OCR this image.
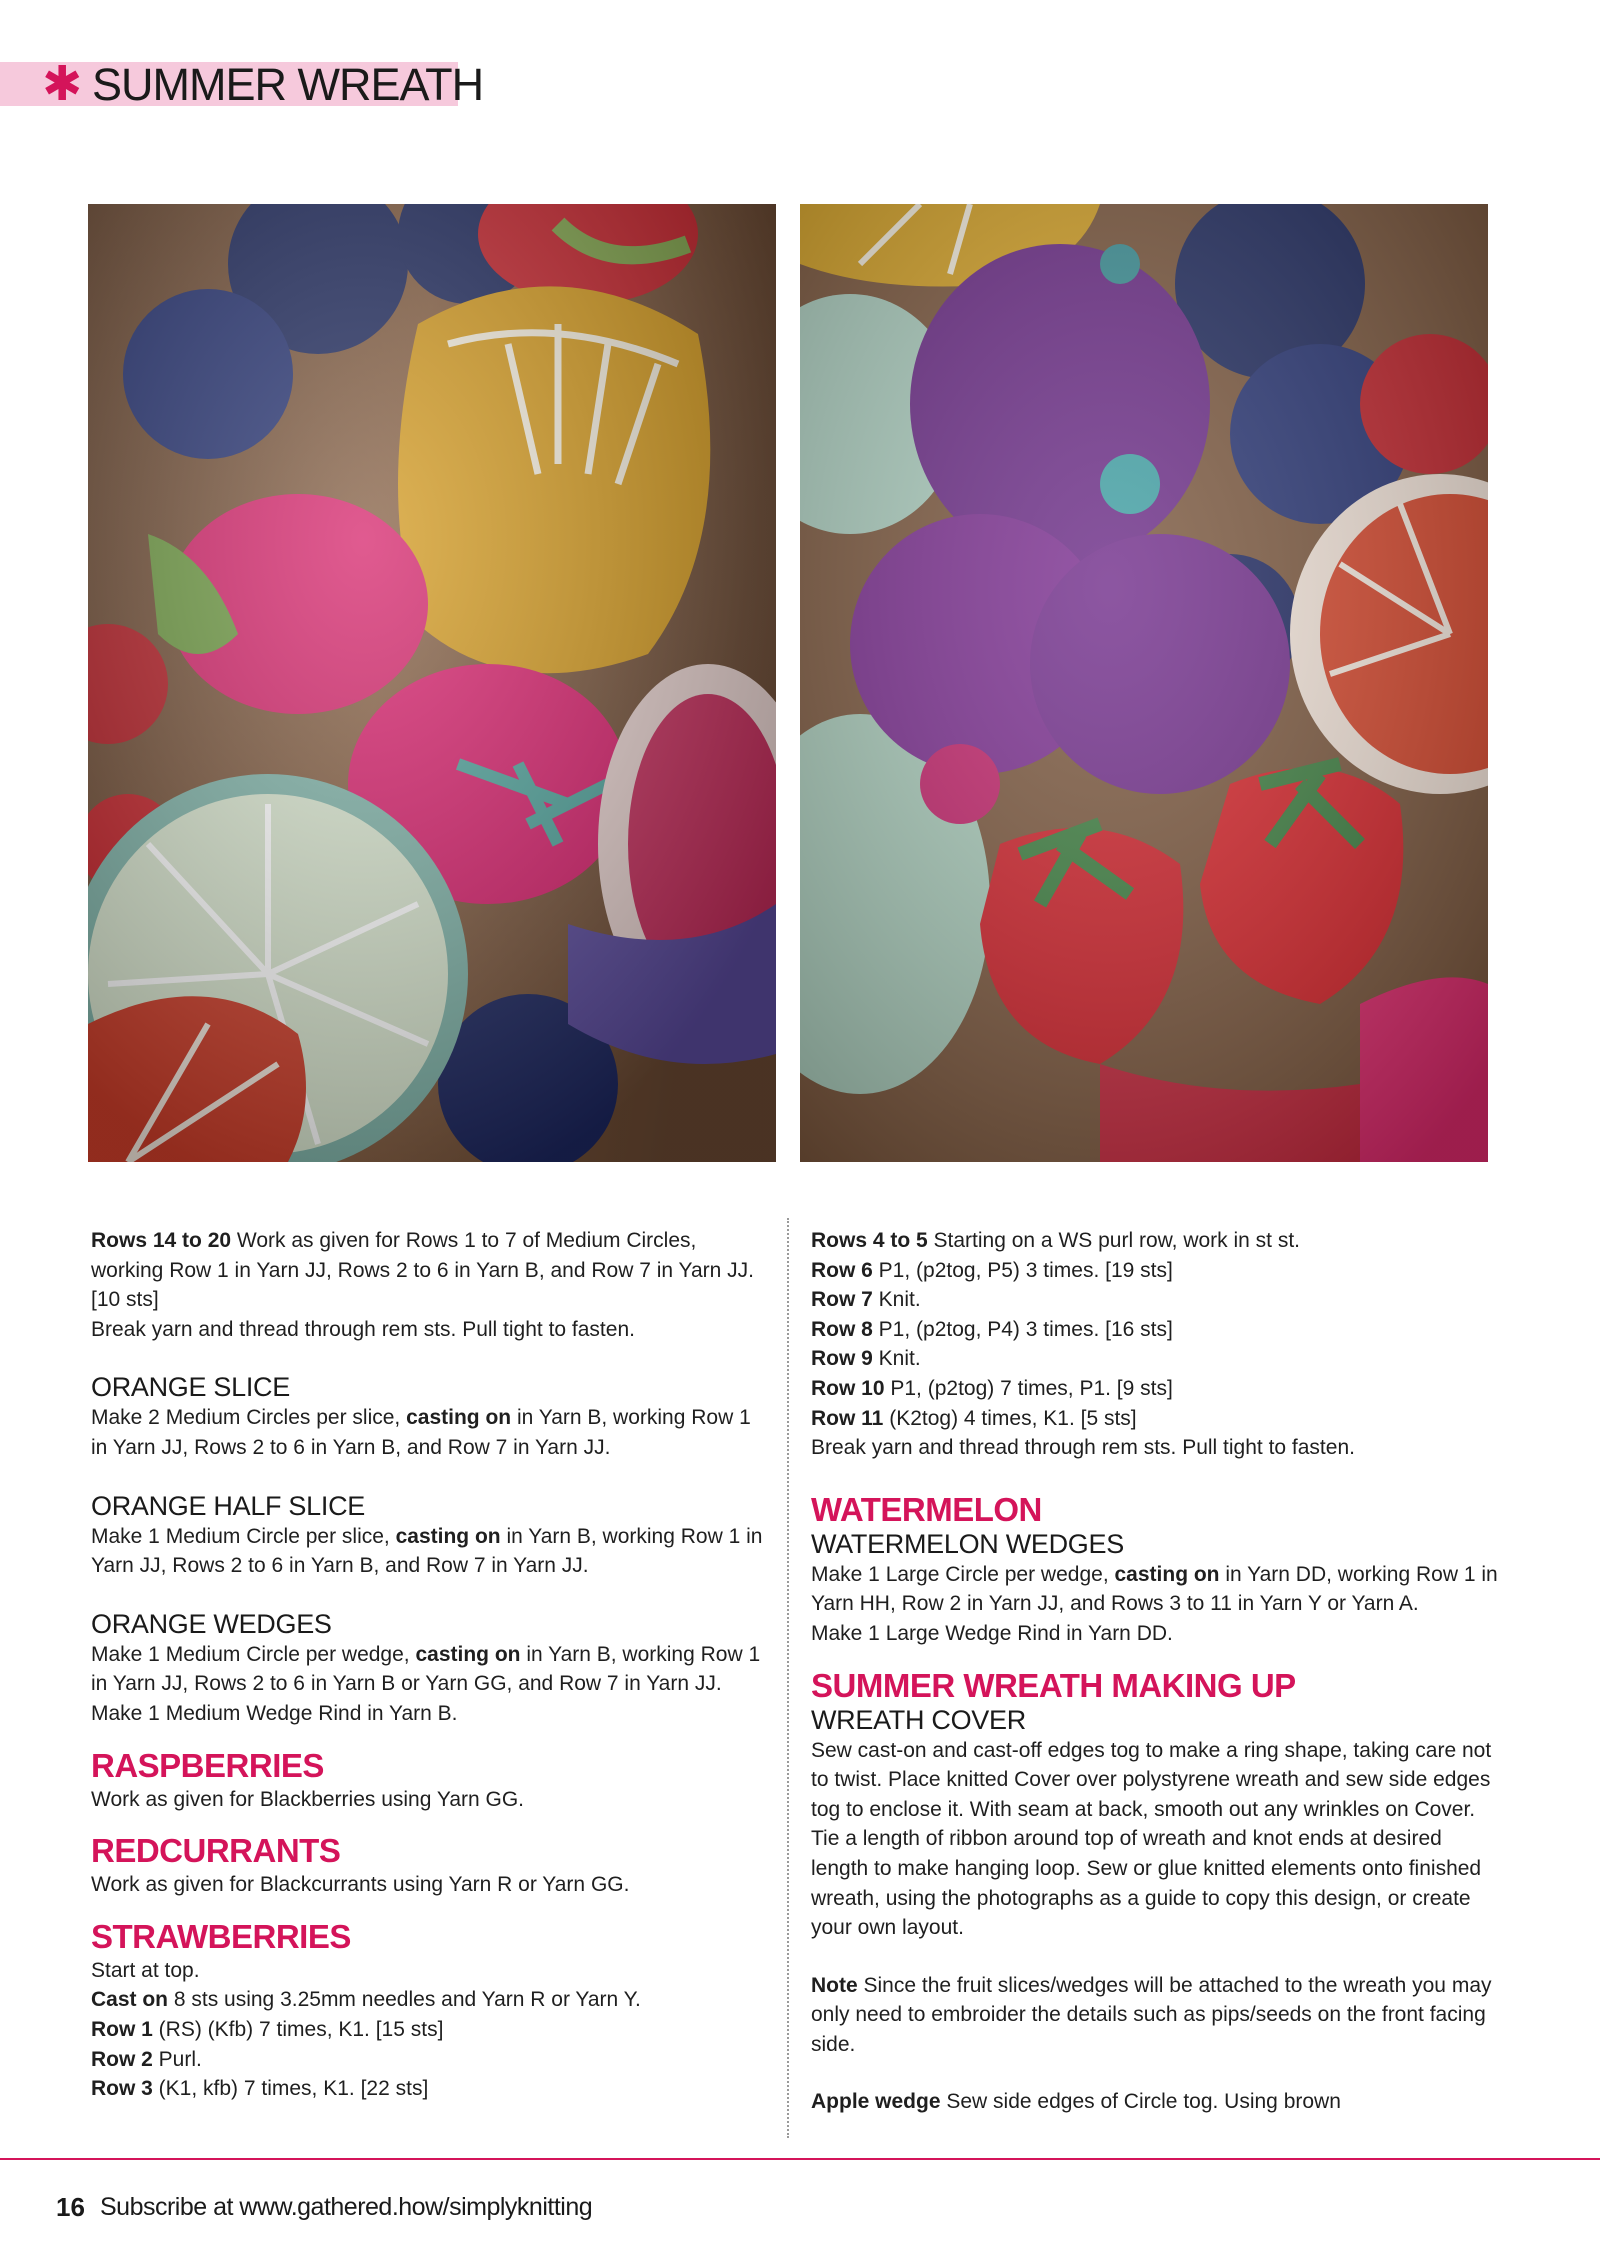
✱ SUMMER WREATH

Rows 14 to 20 Work as given for Rows 1 to 7 of Medium Circles, working Row 1 in Yarn JJ, Rows 2 to 6 in Yarn B, and Row 7 in Yarn JJ. [10 sts]

Break yarn and thread through rem sts. Pull tight to fasten.

ORANGE SLICE

Make 2 Medium Circles per slice, casting on in Yarn B, working Row 1 in Yarn JJ, Rows 2 to 6 in Yarn B, and Row 7 in Yarn JJ.

ORANGE HALF SLICE

Make 1 Medium Circle per slice, casting on in Yarn B, working Row 1 in Yarn JJ, Rows 2 to 6 in Yarn B, and Row 7 in Yarn JJ.

ORANGE WEDGES

Make 1 Medium Circle per wedge, casting on in Yarn B, working Row 1 in Yarn JJ, Rows 2 to 6 in Yarn B or Yarn GG, and Row 7 in Yarn JJ.

Make 1 Medium Wedge Rind in Yarn B.

RASPBERRIES

Work as given for Blackberries using Yarn GG.

REDCURRANTS

Work as given for Blackcurrants using Yarn R or Yarn GG.

STRAWBERRIES

Start at top.

Cast on 8 sts using 3.25mm needles and Yarn R or Yarn Y.

Row 1 (RS) (Kfb) 7 times, K1. [15 sts]

Row 2 Purl.

Row 3 (K1, kfb) 7 times, K1. [22 sts]

Rows 4 to 5 Starting on a WS purl row, work in st st.

Row 6 P1, (p2tog, P5) 3 times. [19 sts]

Row 7 Knit.

Row 8 P1, (p2tog, P4) 3 times. [16 sts]

Row 9 Knit.

Row 10 P1, (p2tog) 7 times, P1. [9 sts]

Row 11 (K2tog) 4 times, K1. [5 sts]

Break yarn and thread through rem sts. Pull tight to fasten.

WATERMELON
WATERMELON WEDGES

Make 1 Large Circle per wedge, casting on in Yarn DD, working Row 1 in Yarn HH, Row 2 in Yarn JJ, and Rows 3 to 11 in Yarn Y or Yarn A.

Make 1 Large Wedge Rind in Yarn DD.

SUMMER WREATH MAKING UP
WREATH COVER

Sew cast-on and cast-off edges tog to make a ring shape, taking care not to twist. Place knitted Cover over polystyrene wreath and sew side edges tog to enclose it. With seam at back, smooth out any wrinkles on Cover. Tie a length of ribbon around top of wreath and knot ends at desired length to make hanging loop. Sew or glue knitted elements onto finished wreath, using the photographs as a guide to copy this design, or create your own layout.

Note Since the fruit slices/wedges will be attached to the wreath you may only need to embroider the details such as pips/seeds on the front facing side.

Apple wedge Sew side edges of Circle tog. Using brown

16 Subscribe at www.gathered.how/simplyknitting
